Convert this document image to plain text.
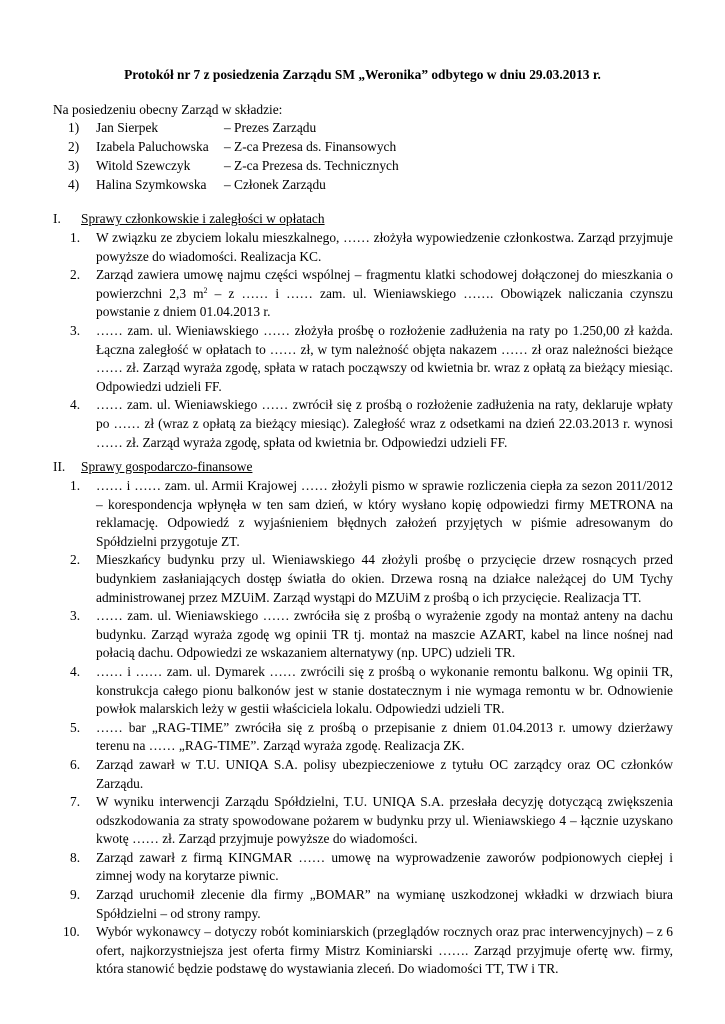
Protokół nr 7 z posiedzenia Zarządu SM „Weronika” odbytego w dniu 29.03.2013 r.
Na posiedzeniu obecny Zarząd w składzie:
1) Jan Sierpek	– Prezes Zarządu
2) Izabela Paluchowska – Z-ca Prezesa ds. Finansowych
3) Witold Szewczyk	– Z-ca Prezesa ds. Technicznych
4) Halina Szymkowska – Członek Zarządu
I. Sprawy członkowskie i zaległości w opłatach
1.	W związku ze zbyciem lokalu mieszkalnego, …… złożyła wypowiedzenie członkostwa. Zarząd przyjmuje powyższe do wiadomości. Realizacja KC.
2.	Zarząd zawiera umowę najmu części wspólnej – fragmentu klatki schodowej dołączonej do mieszkania o powierzchni 2,3 $m^2$ – z …… i …… zam. ul. Wieniawskiego ……. Obowiązek naliczania czynszu powstanie z dniem 01.04.2013 r.
3.	…… zam. ul. Wieniawskiego …… złożyła prośbę o rozłożenie zadłużenia na raty po 1.250,00 zł każda. Łączna zaległość w opłatach to …… zł, w tym należność objęta nakazem …… zł oraz należności bieżące …… zł. Zarząd wyraża zgodę, spłata w ratach począwszy od kwietnia br. wraz z opłatą za bieżący miesiąc. Odpowiedzi udzieli FF.
4.	…… zam. ul. Wieniawskiego …… zwrócił się z prośbą o rozłożenie zadłużenia na raty, deklaruje wpłaty po …… zł (wraz z opłatą za bieżący miesiąc). Zaległość wraz z odsetkami na dzień 22.03.2013 r. wynosi …… zł. Zarząd wyraża zgodę, spłata od kwietnia br. Odpowiedzi udzieli FF.
II. Sprawy gospodarczo-finansowe
1.	…… i …… zam. ul. Armii Krajowej …… złożyli pismo w sprawie rozliczenia ciepła za sezon 2011/2012 – korespondencja wpłynęła w ten sam dzień, w który wysłano kopię odpowiedzi firmy METRONA na reklamację. Odpowiedź z wyjaśnieniem błędnych założeń przyjętych w piśmie adresowanym do Spółdzielni przygotuje ZT.
2.	Mieszkańcy budynku przy ul. Wieniawskiego 44 złożyli prośbę o przycięcie drzew rosnących przed budynkiem zasłaniających dostęp światła do okien. Drzewa rosną na działce należącej do UM Tychy administrowanej przez MZUiM. Zarząd wystąpi do MZUiM z prośbą o ich przycięcie. Realizacja TT.
3.	…… zam. ul. Wieniawskiego …… zwróciła się z prośbą o wyrażenie zgody na montaż anteny na dachu budynku. Zarząd wyraża zgodę wg opinii TR tj. montaż na maszcie AZART, kabel na lince nośnej nad połacią dachu. Odpowiedzi ze wskazaniem alternatywy (np. UPC) udzieli TR.
4.	…… i …… zam. ul. Dymarek …… zwrócili się z prośbą o wykonanie remontu balkonu. Wg opinii TR, konstrukcja całego pionu balkonów jest w stanie dostatecznym i nie wymaga remontu w br. Odnowienie powłok malarskich leży w gestii właściciela lokalu. Odpowiedzi udzieli TR.
5.	…… bar „RAG-TIME” zwróciła się z prośbą o przepisanie z dniem 01.04.2013 r. umowy dzierżawy terenu na …… „RAG-TIME”. Zarząd wyraża zgodę. Realizacja ZK.
6.	Zarząd zawarł w T.U. UNIQA S.A. polisy ubezpieczeniowe z tytułu OC zarządcy oraz OC członków Zarządu.
7.	W wyniku interwencji Zarządu Spółdzielni, T.U. UNIQA S.A. przesłała decyzję dotyczącą zwiększenia odszkodowania za straty spowodowane pożarem w budynku przy ul. Wieniawskiego 4 – łącznie uzyskano kwotę …… zł. Zarząd przyjmuje powyższe do wiadomości.
8.	Zarząd zawarł z firmą KINGMAR …… umowę na wyprowadzenie zaworów podpionowych ciepłej i zimnej wody na korytarze piwnic.
9.	Zarząd uruchomił zlecenie dla firmy „BOMAR” na wymianę uszkodzonej wkładki w drzwiach biura Spółdzielni – od strony rampy.
10.	Wybór wykonawcy – dotyczy robót kominiarskich (przeglądów rocznych oraz prac interwencyjnych) – z 6 ofert, najkorzystniejsza jest oferta firmy Mistrz Kominiarski ……. Zarząd przyjmuje ofertę ww. firmy, która stanowić będzie podstawę do wystawiania zleceń. Do wiadomości TT, TW i TR.
